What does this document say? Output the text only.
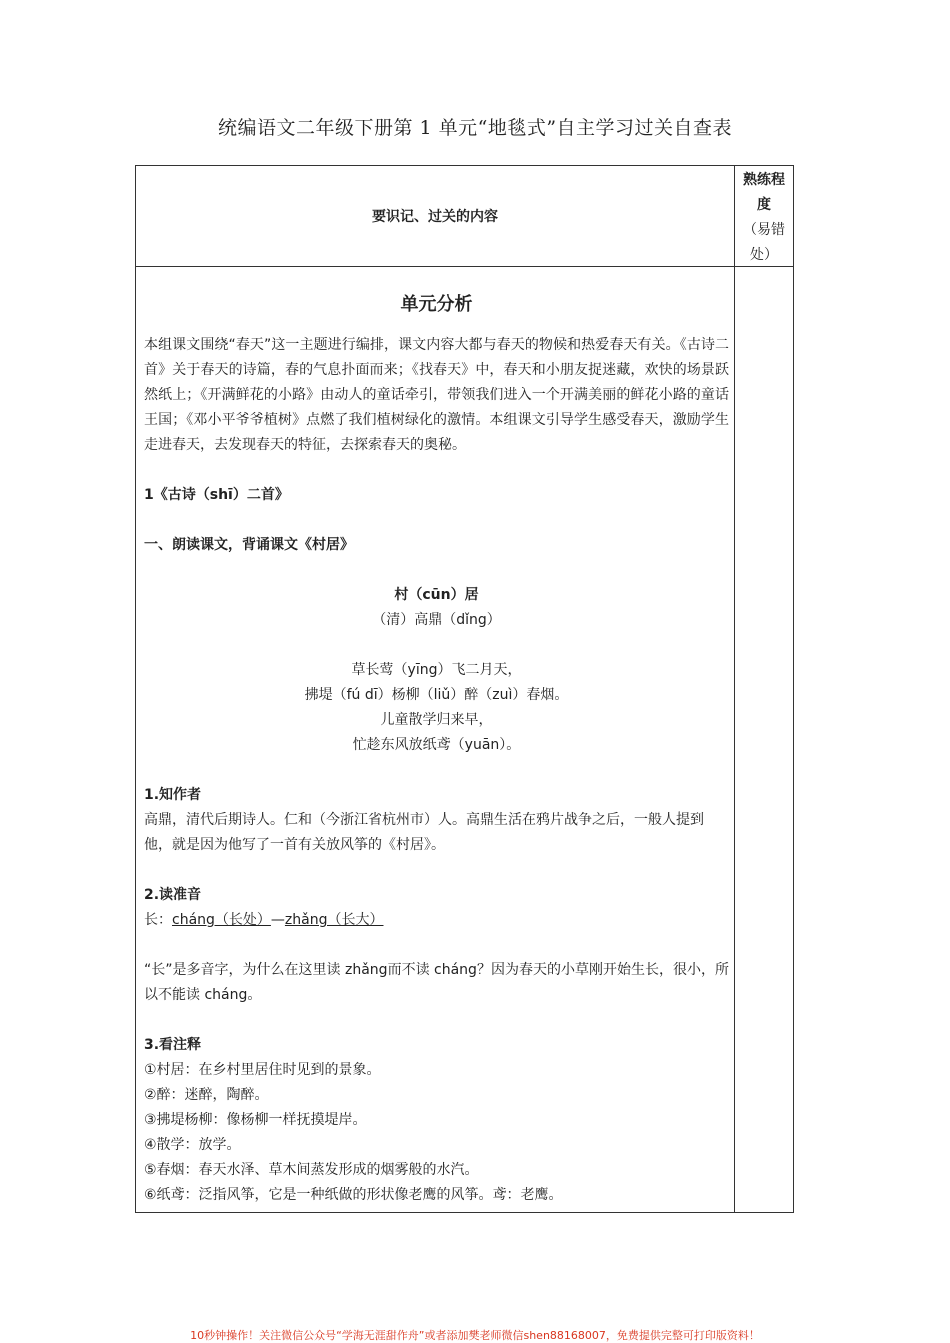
统编语文二年级下册第 1 单元“地毯式”自主学习过关自查表
要识记、过关的内容
熟练程
度
（易错
处）
单元分析
本组课文围绕“春天”这一主题进行编排，课文内容大都与春天的物候和热爱春天有关。《古诗二首》关于春天的诗篇，春的气息扑面而来；《找春天》中，春天和小朋友捉迷藏，欢快的场景跃然纸上；《开满鲜花的小路》由动人的童话牵引，带领我们进入一个开满美丽的鲜花小路的童话王国；《邓小平爷爷植树》点燃了我们植树绿化的激情。本组课文引导学生感受春天，激励学生走进春天，去发现春天的特征，去探索春天的奥秘。
1《古诗（shī）二首》
一、朗读课文，背诵课文《村居》
村（cūn）居
（清）高鼎（dǐng）
草长莺（yīng）飞二月天，
拂堤（fú dī）杨柳（liǔ）醉（zuì）春烟。
儿童散学归来早，
忙趁东风放纸鸢（yuān）。
1.知作者
高鼎，清代后期诗人。仁和（今浙江省杭州市）人。高鼎生活在鸦片战争之后，一般人提到他，就是因为他写了一首有关放风筝的《村居》。
2.读准音
长：cháng（长处）—zhǎng（长大）
“长”是多音字，为什么在这里读 zhǎng而不读 cháng？因为春天的小草刚开始生长，很小，所以不能读 cháng。
3.看注释
①村居：在乡村里居住时见到的景象。
②醉：迷醉，陶醉。
③拂堤杨柳：像杨柳一样抚摸堤岸。
④散学：放学。
⑤春烟：春天水泽、草木间蒸发形成的烟雾般的水汽。
⑥纸鸢：泛指风筝，它是一种纸做的形状像老鹰的风筝。鸢：老鹰。
10秒钟操作！关注微信公众号“学海无涯甜作舟”或者添加樊老师微信shen88168007，免费提供完整可打印版资料！
